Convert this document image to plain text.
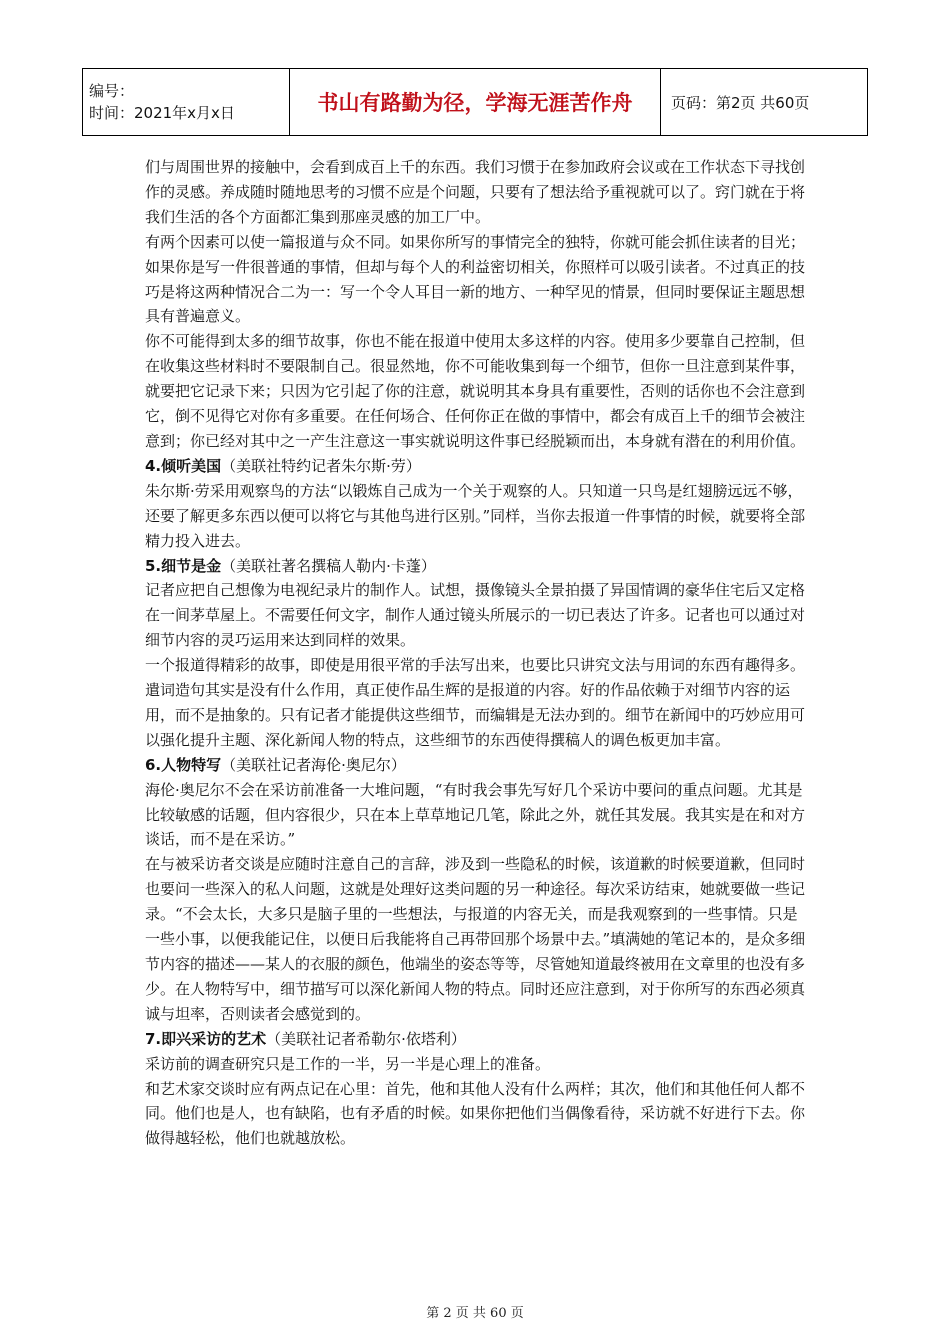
编号：
时间：2021年x月x日	书山有路勤为径，学海无涯苦作舟	页码：第2页 共60页

们与周围世界的接触中，会看到成百上千的东西。我们习惯于在参加政府会议或在工作状态下寻找创作的灵感。养成随时随地思考的习惯不应是个问题，只要有了想法给予重视就可以了。窍门就在于将我们生活的各个方面都汇集到那座灵感的加工厂中。

有两个因素可以使一篇报道与众不同。如果你所写的事情完全的独特，你就可能会抓住读者的目光；如果你是写一件很普通的事情，但却与每个人的利益密切相关，你照样可以吸引读者。不过真正的技巧是将这两种情况合二为一：写一个令人耳目一新的地方、一种罕见的情景，但同时要保证主题思想具有普遍意义。

你不可能得到太多的细节故事，你也不能在报道中使用太多这样的内容。使用多少要靠自己控制，但在收集这些材料时不要限制自己。很显然地，你不可能收集到每一个细节，但你一旦注意到某件事，就要把它记录下来；只因为它引起了你的注意，就说明其本身具有重要性，否则的话你也不会注意到它，倒不见得它对你有多重要。在任何场合、任何你正在做的事情中，都会有成百上千的细节会被注意到；你已经对其中之一产生注意这一事实就说明这件事已经脱颖而出，本身就有潜在的利用价值。

4.倾听美国（美联社特约记者朱尔斯·劳）

朱尔斯·劳采用观察鸟的方法“以锻炼自己成为一个关于观察的人。只知道一只鸟是红翅膀远远不够，还要了解更多东西以便可以将它与其他鸟进行区别。”同样，当你去报道一件事情的时候，就要将全部精力投入进去。

5.细节是金（美联社著名撰稿人勒内·卡蓬）

记者应把自己想像为电视纪录片的制作人。试想，摄像镜头全景拍摄了异国情调的豪华住宅后又定格在一间茅草屋上。不需要任何文字，制作人通过镜头所展示的一切已表达了许多。记者也可以通过对细节内容的灵巧运用来达到同样的效果。

一个报道得精彩的故事，即使是用很平常的手法写出来，也要比只讲究文法与用词的东西有趣得多。遣词造句其实是没有什么作用，真正使作品生辉的是报道的内容。好的作品依赖于对细节内容的运用，而不是抽象的。只有记者才能提供这些细节，而编辑是无法办到的。细节在新闻中的巧妙应用可以强化提升主题、深化新闻人物的特点，这些细节的东西使得撰稿人的调色板更加丰富。

6.人物特写（美联社记者海伦·奥尼尔）

海伦·奥尼尔不会在采访前准备一大堆问题，“有时我会事先写好几个采访中要问的重点问题。尤其是比较敏感的话题，但内容很少，只在本上草草地记几笔，除此之外，就任其发展。我其实是在和对方谈话，而不是在采访。”

在与被采访者交谈是应随时注意自己的言辞，涉及到一些隐私的时候，该道歉的时候要道歉，但同时也要问一些深入的私人问题，这就是处理好这类问题的另一种途径。每次采访结束，她就要做一些记录。“不会太长，大多只是脑子里的一些想法，与报道的内容无关，而是我观察到的一些事情。只是一些小事，以便我能记住，以便日后我能将自己再带回那个场景中去。”填满她的笔记本的，是众多细节内容的描述——某人的衣服的颜色，他端坐的姿态等等，尽管她知道最终被用在文章里的也没有多少。在人物特写中，细节描写可以深化新闻人物的特点。同时还应注意到，对于你所写的东西必须真诚与坦率，否则读者会感觉到的。

7.即兴采访的艺术（美联社记者希勒尔·依塔利）

采访前的调查研究只是工作的一半，另一半是心理上的准备。

和艺术家交谈时应有两点记在心里：首先，他和其他人没有什么两样；其次，他们和其他任何人都不同。他们也是人，也有缺陷，也有矛盾的时候。如果你把他们当偶像看待，采访就不好进行下去。你做得越轻松，他们也就越放松。

第 2 页 共 60 页
